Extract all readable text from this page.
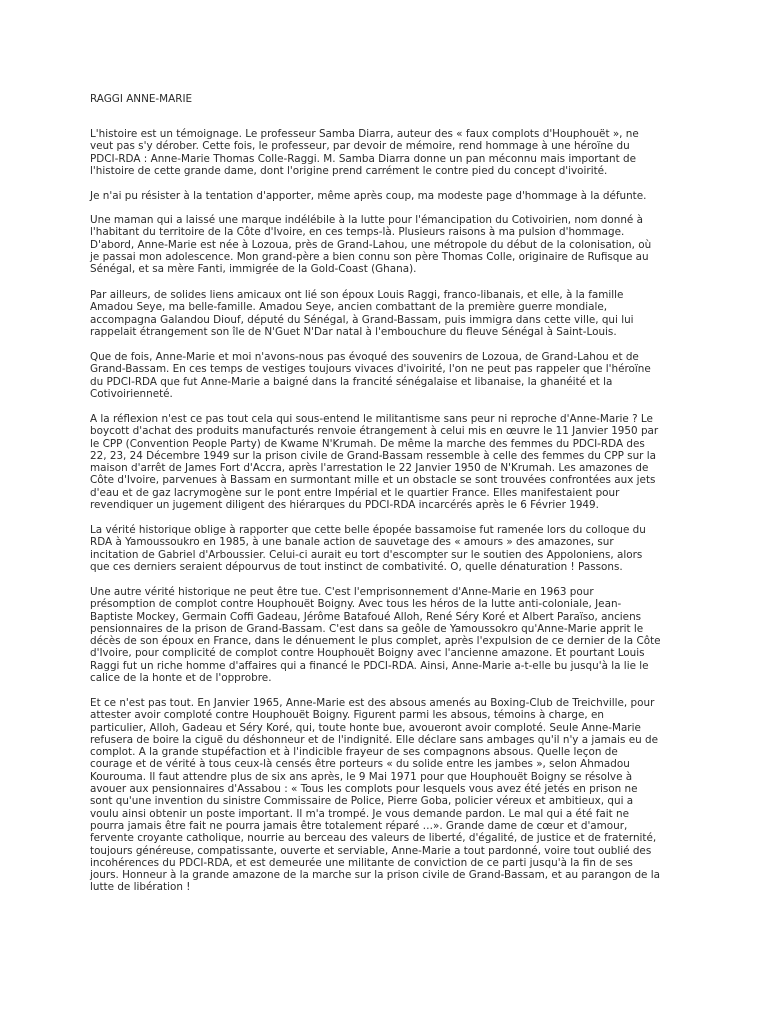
RAGGI ANNE-MARIE
L'histoire est un témoignage. Le professeur Samba Diarra, auteur des « faux complots d'Houphouët », ne
veut pas s'y dérober. Cette fois, le professeur, par devoir de mémoire, rend hommage à une héroïne du
PDCI-RDA : Anne-Marie Thomas Colle-Raggi. M. Samba Diarra donne un pan méconnu mais important de
l'histoire de cette grande dame, dont l'origine prend carrément le contre pied du concept d'ivoirité.
Je n'ai pu résister à la tentation d'apporter, même après coup, ma modeste page d'hommage à la défunte.
Une maman qui a laissé une marque indélébile à la lutte pour l'émancipation du Cotivoirien, nom donné à
l'habitant du territoire de la Côte d'Ivoire, en ces temps-là. Plusieurs raisons à ma pulsion d'hommage.
D'abord, Anne-Marie est née à Lozoua, près de Grand-Lahou, une métropole du début de la colonisation, où
je passai mon adolescence. Mon grand-père a bien connu son père Thomas Colle, originaire de Rufisque au
Sénégal, et sa mère Fanti, immigrée de la Gold-Coast (Ghana).
Par ailleurs, de solides liens amicaux ont lié son époux Louis Raggi, franco-libanais, et elle, à la famille
Amadou Seye, ma belle-famille. Amadou Seye, ancien combattant de la première guerre mondiale,
accompagna Galandou Diouf, député du Sénégal, à Grand-Bassam, puis immigra dans cette ville, qui lui
rappelait étrangement son île de N'Guet N'Dar natal à l'embouchure du fleuve Sénégal à Saint-Louis.
Que de fois, Anne-Marie et moi n'avons-nous pas évoqué des souvenirs de Lozoua, de Grand-Lahou et de
Grand-Bassam. En ces temps de vestiges toujours vivaces d'ivoirité, l'on ne peut pas rappeler que l'héroïne
du PDCI-RDA que fut Anne-Marie a baigné dans la francité sénégalaise et libanaise, la ghanéité et la
Cotivoirienneté.
A la réflexion n'est ce pas tout cela qui sous-entend le militantisme sans peur ni reproche d'Anne-Marie ? Le
boycott d'achat des produits manufacturés renvoie étrangement à celui mis en œuvre le 11 Janvier 1950 par
le CPP (Convention People Party) de Kwame N'Krumah. De même la marche des femmes du PDCI-RDA des
22, 23, 24 Décembre 1949 sur la prison civile de Grand-Bassam ressemble à celle des femmes du CPP sur la
maison d'arrêt de James Fort d'Accra, après l'arrestation le 22 Janvier 1950 de N'Krumah. Les amazones de
Côte d'Ivoire, parvenues à Bassam en surmontant mille et un obstacle se sont trouvées confrontées aux jets
d'eau et de gaz lacrymogène sur le pont entre Impérial et le quartier France. Elles manifestaient pour
revendiquer un jugement diligent des hiérarques du PDCI-RDA incarcérés après le 6 Février 1949.
La vérité historique oblige à rapporter que cette belle épopée bassamoise fut ramenée lors du colloque du
RDA à Yamoussoukro en 1985, à une banale action de sauvetage des « amours » des amazones, sur
incitation de Gabriel d'Arboussier. Celui-ci aurait eu tort d'escompter sur le soutien des Appoloniens, alors
que ces derniers seraient dépourvus de tout instinct de combativité. O, quelle dénaturation ! Passons.
Une autre vérité historique ne peut être tue. C'est l'emprisonnement d'Anne-Marie en 1963 pour
présomption de complot contre Houphouët Boigny. Avec tous les héros de la lutte anti-coloniale, Jean-
Baptiste Mockey, Germain Coffi Gadeau, Jérôme Batafoué Alloh, René Séry Koré et Albert Paraïso, anciens
pensionnaires de la prison de Grand-Bassam. C'est dans sa geôle de Yamoussokro qu'Anne-Marie apprit le
décès de son époux en France, dans le dénuement le plus complet, après l'expulsion de ce dernier de la Côte
d'Ivoire, pour complicité de complot contre Houphouët Boigny avec l'ancienne amazone. Et pourtant Louis
Raggi fut un riche homme d'affaires qui a financé le PDCI-RDA. Ainsi, Anne-Marie a-t-elle bu jusqu'à la lie le
calice de la honte et de l'opprobre.
Et ce n'est pas tout. En Janvier 1965, Anne-Marie est des absous amenés au Boxing-Club de Treichville, pour
attester avoir comploté contre Houphouët Boigny. Figurent parmi les absous, témoins à charge, en
particulier, Alloh, Gadeau et Séry Koré, qui, toute honte bue, avoueront avoir comploté. Seule Anne-Marie
refusera de boire la ciguë du déshonneur et de l'indignité. Elle déclare sans ambages qu'il n'y a jamais eu de
complot. A la grande stupéfaction et à l'indicible frayeur de ses compagnons absous. Quelle leçon de
courage et de vérité à tous ceux-là censés être porteurs « du solide entre les jambes », selon Ahmadou
Kourouma. Il faut attendre plus de six ans après, le 9 Mai 1971 pour que Houphouët Boigny se résolve à
avouer aux pensionnaires d'Assabou : « Tous les complots pour lesquels vous avez été jetés en prison ne
sont qu'une invention du sinistre Commissaire de Police, Pierre Goba, policier véreux et ambitieux, qui a
voulu ainsi obtenir un poste important. Il m'a trompé. Je vous demande pardon. Le mal qui a été fait ne
pourra jamais être fait ne pourra jamais être totalement réparé …». Grande dame de cœur et d'amour,
fervente croyante catholique, nourrie au berceau des valeurs de liberté, d'égalité, de justice et de fraternité,
toujours généreuse, compatissante, ouverte et serviable, Anne-Marie a tout pardonné, voire tout oublié des
incohérences du PDCI-RDA, et est demeurée une militante de conviction de ce parti jusqu'à la fin de ses
jours. Honneur à la grande amazone de la marche sur la prison civile de Grand-Bassam, et au parangon de la
lutte de libération !
